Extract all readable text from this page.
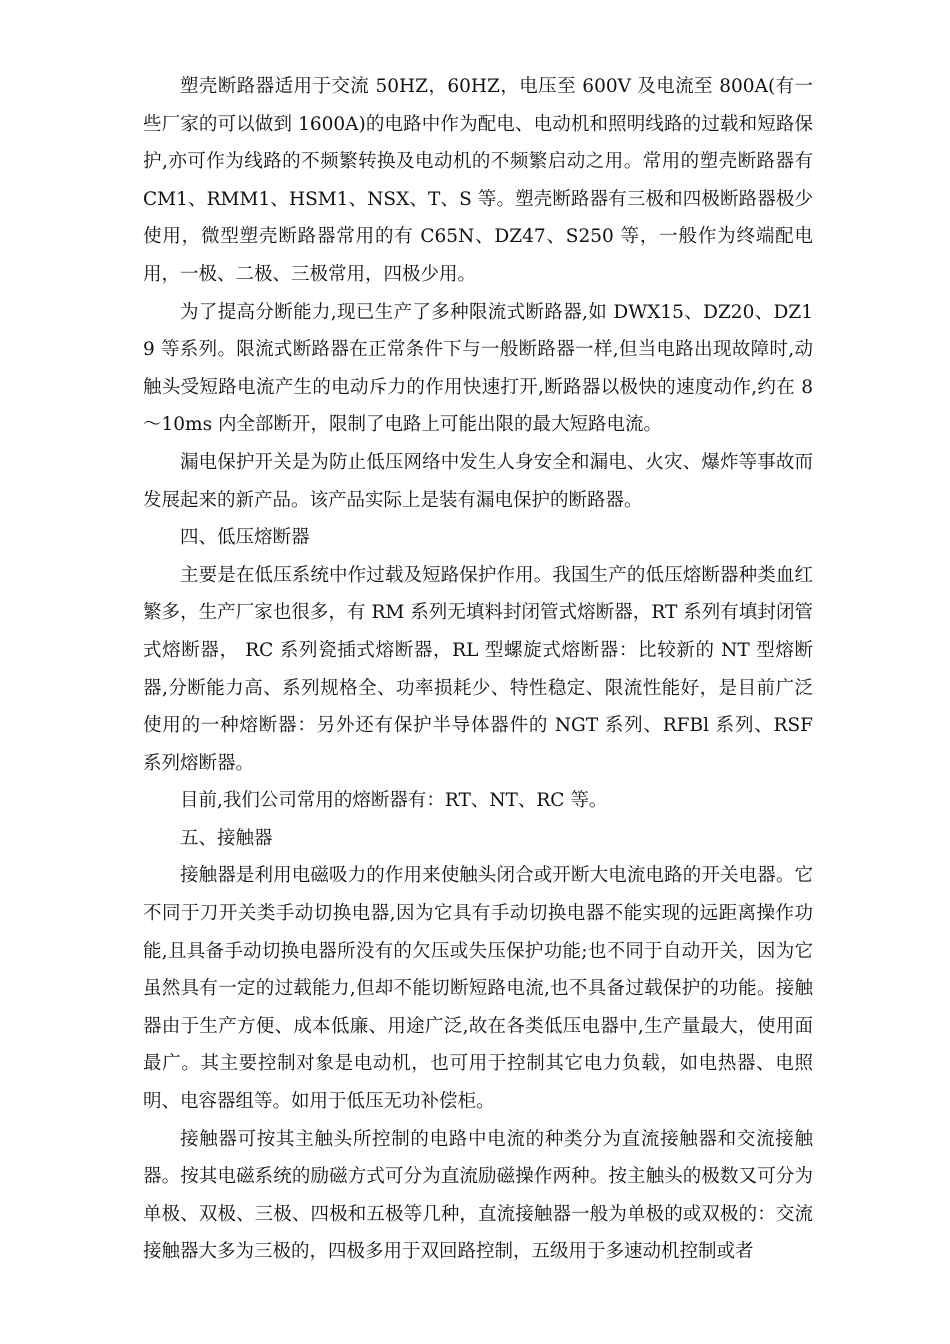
塑壳断路器适用于交流 50HZ，60HZ，电压至 600V 及电流至 800A(有一些厂家的可以做到 1600A)的电路中作为配电、电动机和照明线路的过载和短路保护,亦可作为线路的不频繁转换及电动机的不频繁启动之用。常用的塑壳断路器有 CM1、RMM1、HSM1、NSX、T、S 等。塑壳断路器有三极和四极断路器极少使用，微型塑壳断路器常用的有 C65N、DZ47、S250 等，一般作为终端配电用，一极、二极、三极常用，四极少用。

为了提高分断能力,现已生产了多种限流式断路器,如 DWX15、DZ20、DZ19 等系列。限流式断路器在正常条件下与一般断路器一样,但当电路出现故障时,动触头受短路电流产生的电动斥力的作用快速打开,断路器以极快的速度动作,约在 8～10ms 内全部断开，限制了电路上可能出限的最大短路电流。

漏电保护开关是为防止低压网络中发生人身安全和漏电、火灾、爆炸等事故而发展起来的新产品。该产品实际上是装有漏电保护的断路器。

四、低压熔断器

主要是在低压系统中作过载及短路保护作用。我国生产的低压熔断器种类血红繁多，生产厂家也很多，有 RM 系列无填料封闭管式熔断器，RT 系列有填封闭管式熔断器， RC 系列瓷插式熔断器，RL 型螺旋式熔断器：比较新的 NT 型熔断器,分断能力高、系列规格全、功率损耗少、特性稳定、限流性能好，是目前广泛使用的一种熔断器：另外还有保护半导体器件的 NGT 系列、RFBl 系列、RSF 系列熔断器。

目前,我们公司常用的熔断器有：RT、NT、RC 等。

五、接触器

接触器是利用电磁吸力的作用来使触头闭合或开断大电流电路的开关电器。它不同于刀开关类手动切换电器,因为它具有手动切换电器不能实现的远距离操作功能,且具备手动切换电器所没有的欠压或失压保护功能;也不同于自动开关，因为它虽然具有一定的过载能力,但却不能切断短路电流,也不具备过载保护的功能。接触器由于生产方便、成本低廉、用途广泛,故在各类低压电器中,生产量最大，使用面最广。其主要控制对象是电动机，也可用于控制其它电力负载，如电热器、电照明、电容器组等。如用于低压无功补偿柜。

接触器可按其主触头所控制的电路中电流的种类分为直流接触器和交流接触器。按其电磁系统的励磁方式可分为直流励磁操作两种。按主触头的极数又可分为单极、双极、三极、四极和五极等几种，直流接触器一般为单极的或双极的：交流接触器大多为三极的，四极多用于双回路控制，五级用于多速动机控制或者
